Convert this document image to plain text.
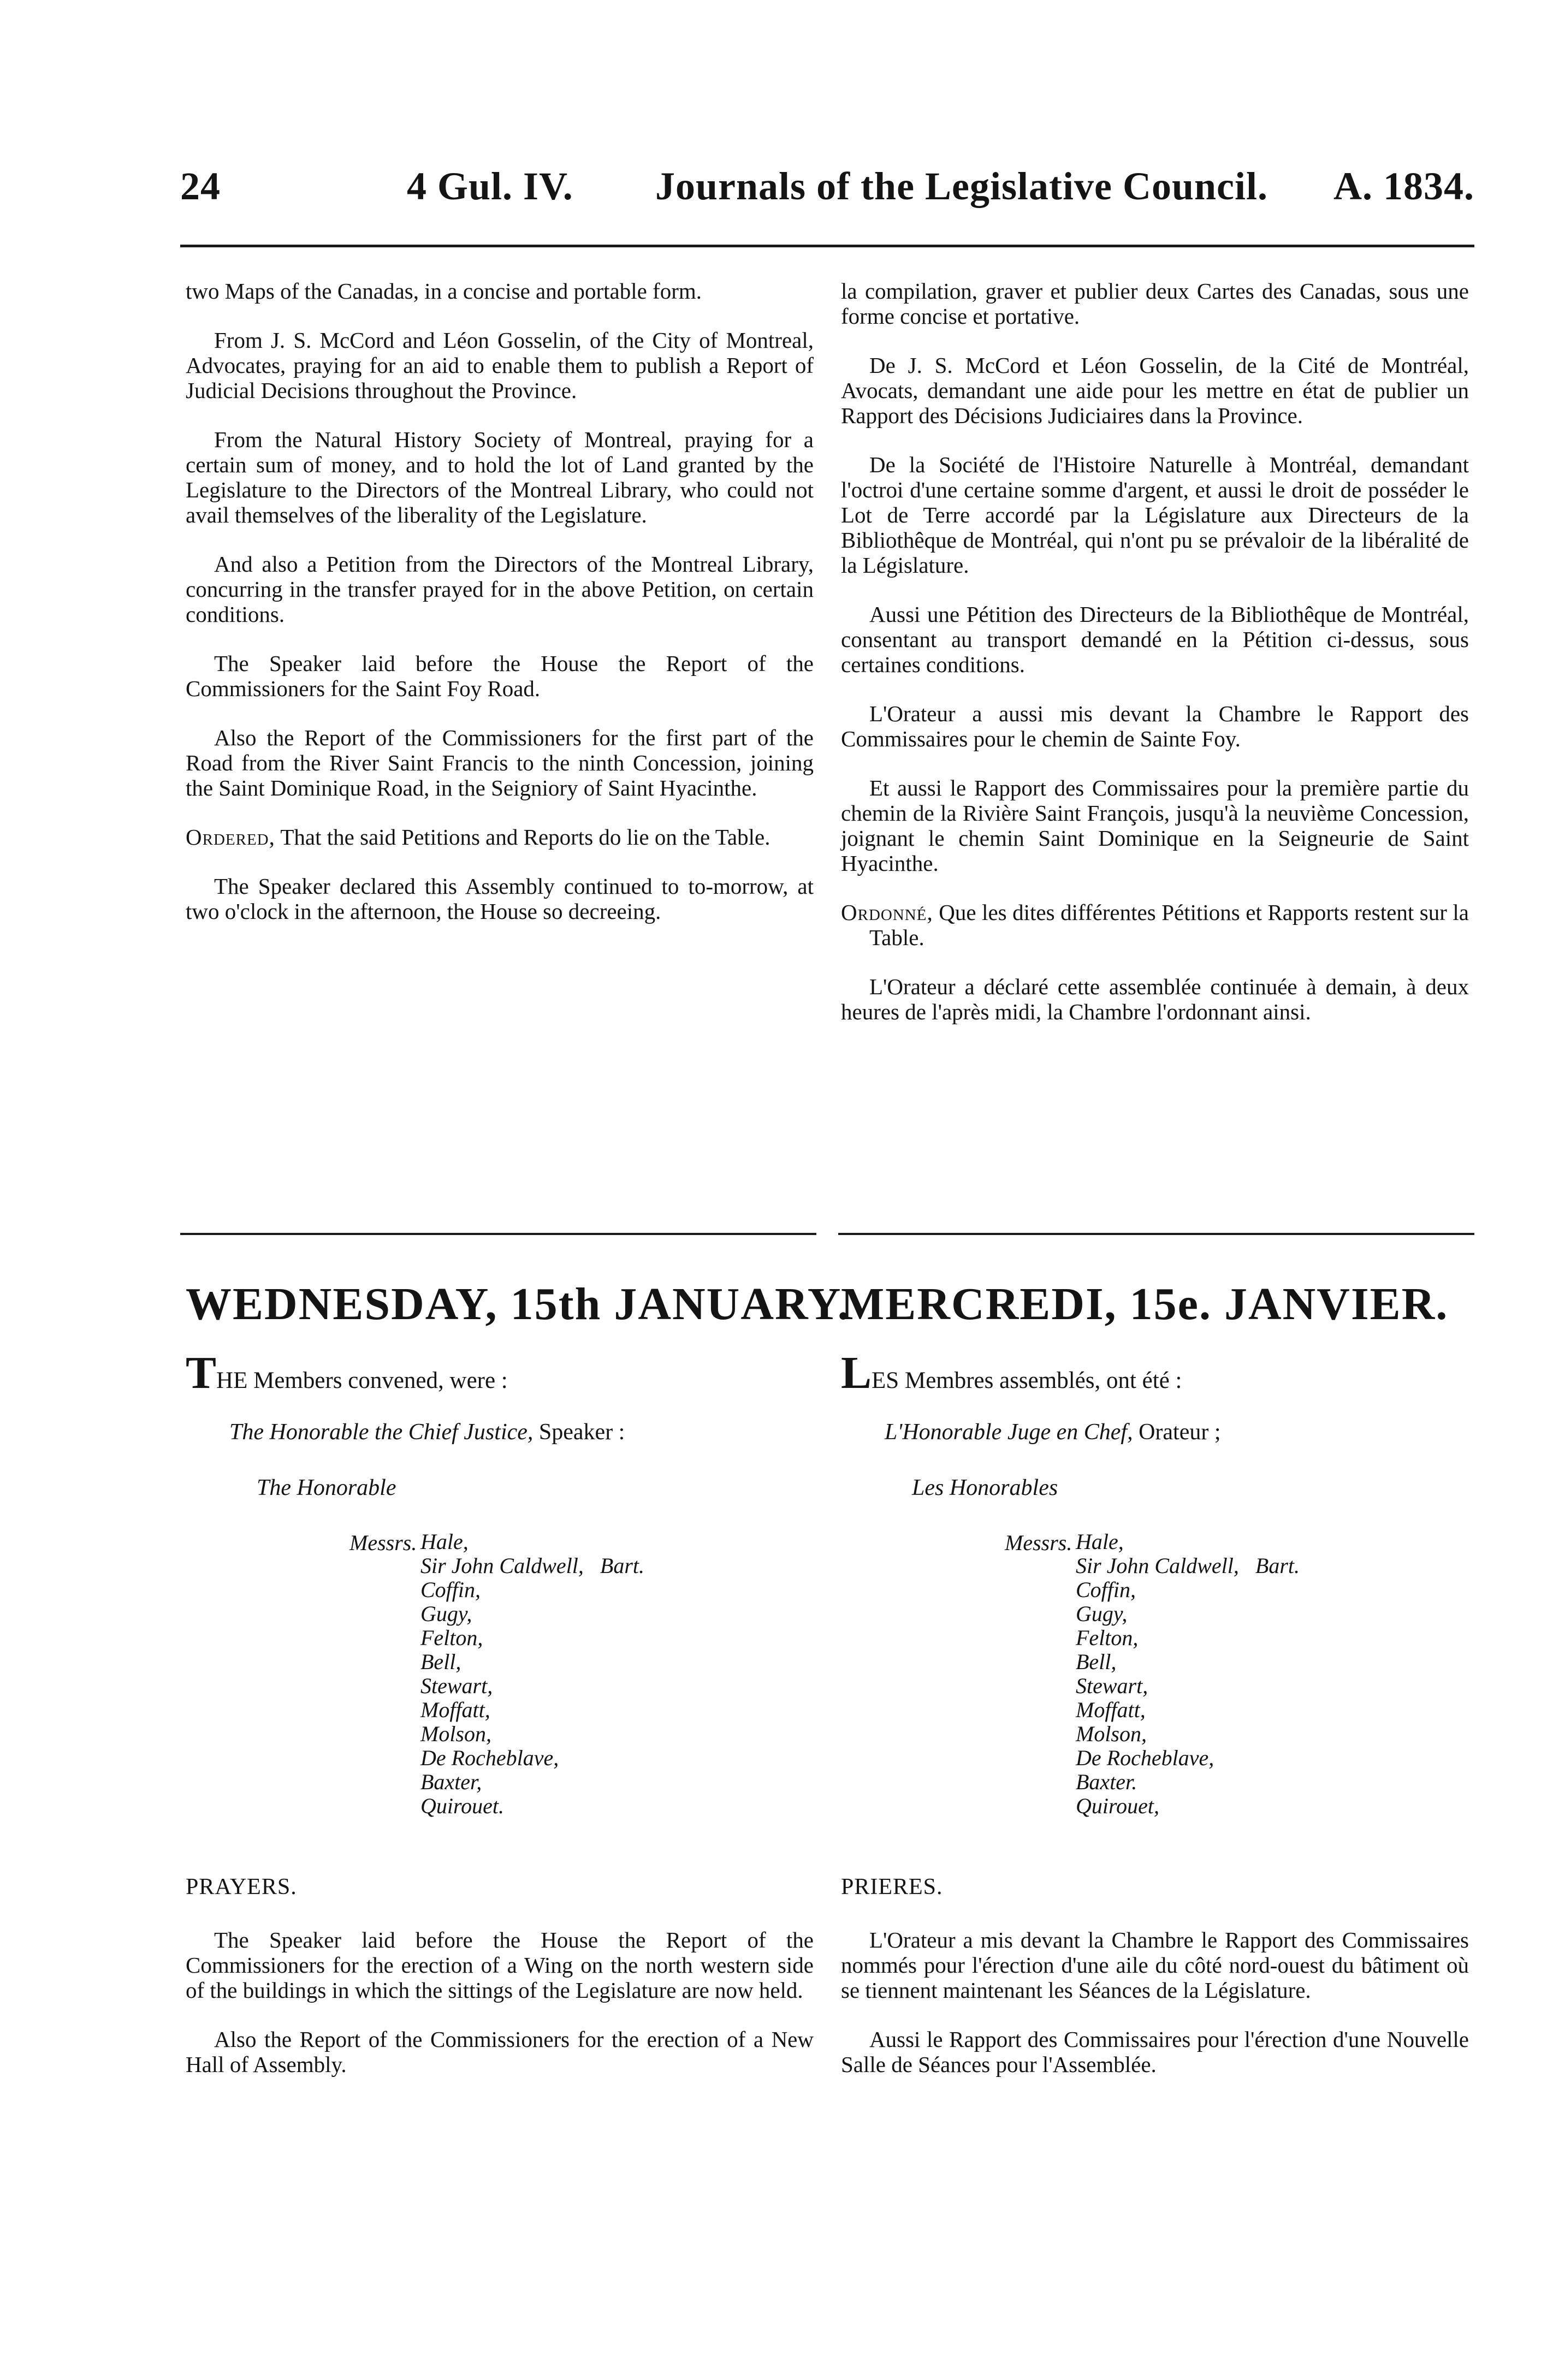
24	4 Gul. IV. Journals of the Legislative Council. A. 1834.

two Maps of the Canadas, in a concise and portable form.

From J. S. McCord and Léon Gosselin, of the City of Montreal, Advocates, praying for an aid to enable them to publish a Report of Judicial Decisions throughout the Province.

From the Natural History Society of Montreal, praying for a certain sum of money, and to hold the lot of Land granted by the Legislature to the Directors of the Montreal Library, who could not avail themselves of the liberality of the Legislature.

And also a Petition from the Directors of the Montreal Library, concurring in the transfer prayed for in the above Petition, on certain conditions.

The Speaker laid before the House the Report of the Commissioners for the Saint Foy Road.

Also the Report of the Commissioners for the first part of the Road from the River Saint Francis to the ninth Concession, joining the Saint Dominique Road, in the Seigniory of Saint Hyacinthe.

Ordered, That the said Petitions and Reports do lie on the Table.

The Speaker declared this Assembly continued to to-morrow, at two o'clock in the afternoon, the House so decreeing.

la compilation, graver et publier deux Cartes des Canadas, sous une forme concise et portative.

De J. S. McCord et Léon Gosselin, de la Cité de Montréal, Avocats, demandant une aide pour les mettre en état de publier un Rapport des Décisions Judiciaires dans la Province.

De la Société de l'Histoire Naturelle à Montréal, demandant l'octroi d'une certaine somme d'argent, et aussi le droit de posséder le Lot de Terre accordé par la Législature aux Directeurs de la Bibliothêque de Montréal, qui n'ont pu se prévaloir de la libéralité de la Législature.

Aussi une Pétition des Directeurs de la Bibliothêque de Montréal, consentant au transport demandé en la Pétition ci-dessus, sous certaines conditions.

L'Orateur a aussi mis devant la Chambre le Rapport des Commissaires pour le chemin de Sainte Foy.

Et aussi le Rapport des Commissaires pour la première partie du chemin de la Rivière Saint François, jusqu'à la neuvième Concession, joignant le chemin Saint Dominique en la Seigneurie de Saint Hyacinthe.

Ordonné, Que les dites différentes Pétitions et Rapports restent sur la Table.

L'Orateur a déclaré cette assemblée continuée à demain, à deux heures de l'après midi, la Chambre l'ordonnant ainsi.

WEDNESDAY, 15th JANUARY.
THE Members convened, were :
The Honorable the Chief Justice, Speaker :
The Honorable
Messrs. Hale,
Sir John Caldwell, Bart.
Coffin,
Gugy,
Felton,
Bell,
Stewart,
Moffatt,
Molson,
De Rocheblave,
Baxter,
Quirouet.
PRAYERS.

The Speaker laid before the House the Report of the Commissioners for the erection of a Wing on the north western side of the buildings in which the sittings of the Legislature are now held.

Also the Report of the Commissioners for the erection of a New Hall of Assembly.

MERCREDI, 15e. JANVIER.
LES Membres assemblés, ont été :
L'Honorable Juge en Chef, Orateur ;
Les Honorables
Messrs. Hale,
Sir John Caldwell, Bart.
Coffin,
Gugy,
Felton,
Bell,
Stewart,
Moffatt,
Molson,
De Rocheblave,
Baxter.
Quirouet,
PRIERES.

L'Orateur a mis devant la Chambre le Rapport des Commissaires nommés pour l'érection d'une aile du côté nord-ouest du bâtiment où se tiennent maintenant les Séances de la Législature.

Aussi le Rapport des Commissaires pour l'érection d'une Nouvelle Salle de Séances pour l'Assemblée.
